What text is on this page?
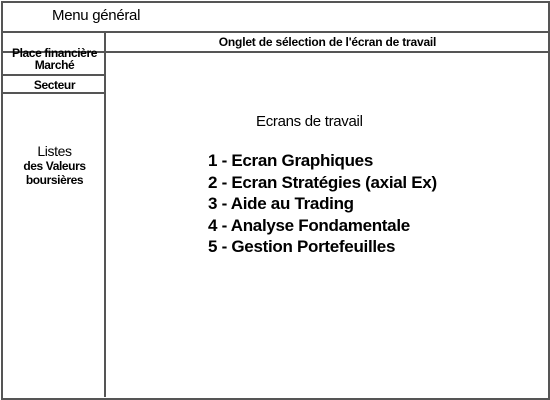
Menu général
Onglet de sélection de l'écran de travail
Place financière
Marché
Secteur
Listes
des Valeurs
boursières
Ecrans de travail
1 - Ecran Graphiques
2 - Ecran Stratégies (axial Ex)
3 - Aide au Trading
4 - Analyse Fondamentale
5 - Gestion Portefeuilles
